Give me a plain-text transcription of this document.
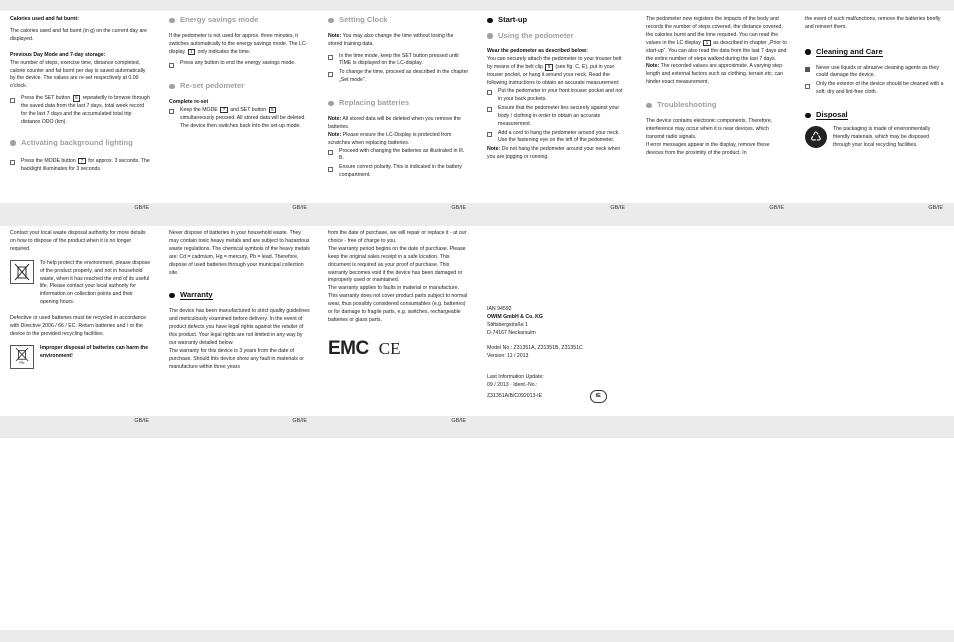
Calories used and fat burnt:

The calories used and fat burnt (in g) on the current day are displayed.

Previous Day Mode and 7-day storage:

The number of steps, exercise time, distance completed, calorie counter and fat burnt per day is saved automatically by the device. The values are re-set respectively at 0.00 o'clock.

Press the SET button 5 repeatedly to browse through the saved data from the last 7 days, total week record for the last 7 days and the accumulated total trip distance ODO (km).
Activating background lighting
Press the MODE button 7 for approx. 3 seconds. The backlight illuminates for 3 seconds.
Energy savings mode

If the pedometer is not used for approx. three minutes, it switches automatically to the energy savings mode. The LC-display 1 only indicates the time.

Press any button to end the energy savings mode.
Re-set pedometer

Complete re-set

Keep the MODE 7 and SET button 5 simultaneously pressed. All stored data will be deleted. The device then switches back into the set-up mode.
Setting Clock

Note: You may also change the time without losing the stored training data.

In the time mode, keep the SET button pressed until TIME is displayed on the LC-display.
To change the time, proceed as described in the chapter „Set mode“.
Replacing batteries

Note: All stored data will be deleted when you remove the batteries.

Note: Please ensure the LC-Display is protected from scratches when replacing batteries.

Proceed with changing the batteries as illustrated in Ill. B.
Ensure correct polarity. This is indicated in the battery compartment.
Start-up
Using the pedometer

Wear the pedometer as described below:

You can securely attach the pedometer to your trouser belt by means of the belt clip 9 (see fig. C, E), put in your trouser pocket, or hang it around your neck. Read the following instructions to obtain an accurate measurement:

Put the pedometer in your front trouser pocket and not in your back pockets.
Ensure that the pedometer lies securely against your body / clothing in order to obtain an accurate measurement.
Add a cord to hang the pedometer around your neck. Use the fastening eye on the left of the pedometer.

Note: Do not hang the pedometer around your neck when you are jogging or running.

The pedometer now registers the impacts of the body and records the number of steps covered, the distance covered, the calories burnt and the time required. You can read the values in the LC display 1 as described in chapter „Prior to start-up“. You can also read the data from the last 7 days and the entire number of steps walked during the last 7 days.

Note: The recorded values are approximate. A varying step length and external factors such as clothing, terrain etc. can hinder exact measurement.

Troubleshooting

The device contains electronic components. Therefore, interference may occur when it is near devices, which transmit radio signals.

If error messages appear in the display, remove these devices from the proximity of the product. In

the event of such malfunctions, remove the batteries briefly and reinsert them.

Cleaning and Care
Never use liquids or abrasive cleaning agents as they could damage the device.
Only the exterior of the device should be cleaned with a soft, dry and lint-free cloth.
Disposal
♺
The packaging is made of environmentally friendly materials, which may be disposed through your local recycling facilities.
GB/IE	GB/IE	GB/IE	GB/IE	GB/IE	GB/IE

Contact your local waste disposal authority for more details on how to dispose of the product when it is no longer required.

To help protect the environment, please dispose of the product properly, and not in household waste, when it has reached the end of its useful life. Please contact your local authority for information on collection points and their opening hours.

Defective or used batteries must be recycled in accordance with Directive 2006 / 66 / EC. Return batteries and / or the device to the provided recycling facilities.

Pb
Improper disposal of batteries can harm the environment!

Never dispose of batteries in your household waste. They may contain toxic heavy metals and are subject to hazardous waste regulations. The chemical symbols of the heavy metals are: Cd = cadmium, Hg = mercury, Pb = lead. Therefore, dispose of used batteries through your municipal collection site.

Warranty

The device has been manufactured to strict quality guidelines and meticulously examined before delivery. In the event of product defects you have legal rights against the retailer of this product. Your legal rights are not limited in any way by our warranty detailed below.

The warranty for this device is 3 years from the date of purchase. Should this device show any fault in materials or manufacture within three years

from the date of purchase, we will repair or replace it - at our choice - free of charge to you.

The warranty period begins on the date of purchase. Please keep the original sales receipt in a safe location. This document is required as your proof of purchase. This warranty becomes void if the device has been damaged or improperly used or maintained.

The warranty applies to faults in material or manufacture. This warranty does not cover product parts subject to normal wear, thus possibly considered consumables (e.g. batteries) or for damage to fragile parts, e.g. switches, rechargeable batteries or glass parts.

EMC CE

IAN 94592

OWIM GmbH & Co. KG

Stiftsbergstraße 1

D-74167 Neckarsulm

Model No.: Z31351A, Z31351B, Z31351C

Version: 11 / 2013

Last Information Update:

09 / 2013 · Ident.-No.:

Z31351A/B/C092013-IE	IE

GB/IE	GB/IE	GB/IE
